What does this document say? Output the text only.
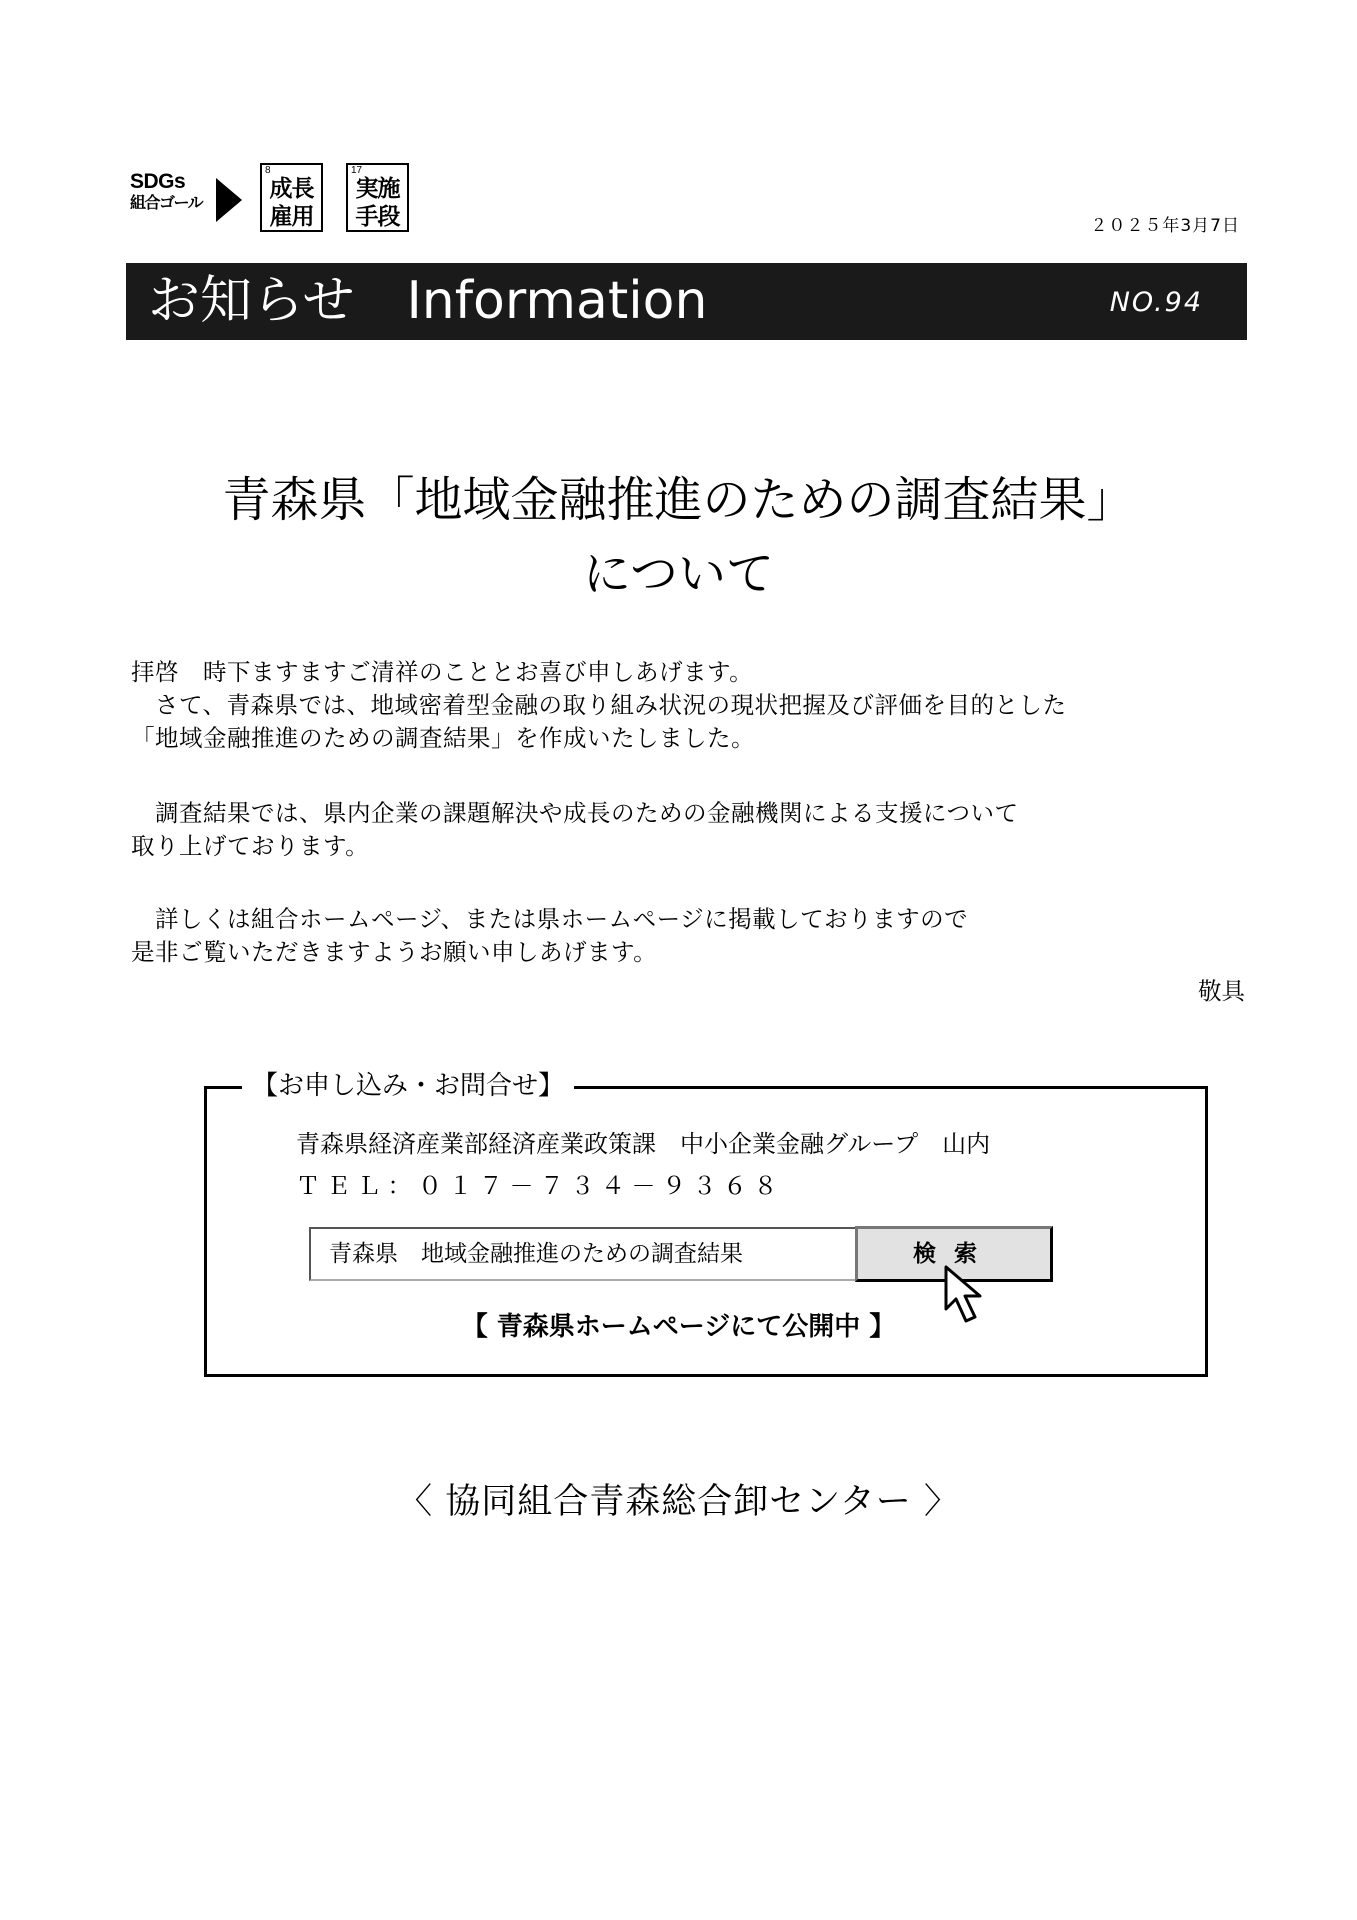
SDGs
組合ゴール
8
成長
雇用
17
実施
手段	２０２５年3月7日
お知らせ　Information	NO.94
青森県「地域金融推進のための調査結果」
について
拝啓　時下ますますご清祥のこととお喜び申しあげます。
　さて、青森県では、地域密着型金融の取り組み状況の現状把握及び評価を目的とした
「地域金融推進のための調査結果」を作成いたしました。
　調査結果では、県内企業の課題解決や成長のための金融機関による支援について
取り上げております。
　詳しくは組合ホームページ、または県ホームページに掲載しておりますので
是非ご覧いただきますようお願い申しあげます。
敬具
【お申し込み・お問合せ】
青森県経済産業部経済産業政策課　中小企業金融グループ　山内
ＴＥＬ：０１７－７３４－９３６８
青森県　地域金融推進のための調査結果	検索
【 青森県ホームページにて公開中 】
〈 協同組合青森総合卸センター 〉
